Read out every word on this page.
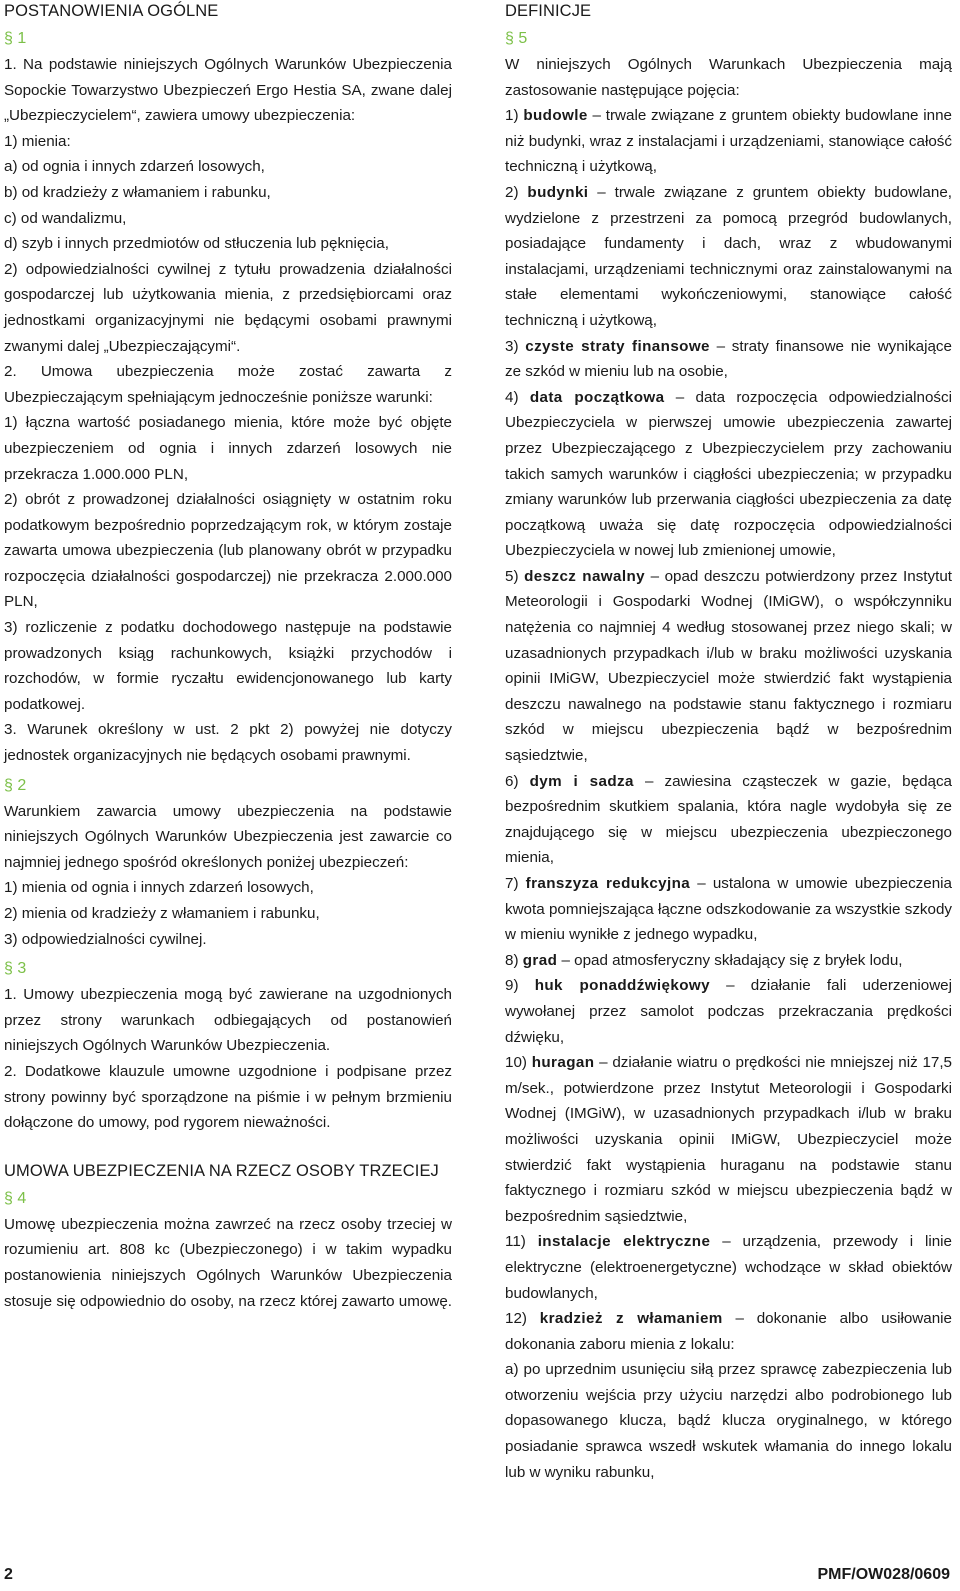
POSTANOWIENIA OGÓLNE
§ 1

1. Na podstawie niniejszych Ogólnych Warunków Ubezpieczenia Sopockie Towarzystwo Ubezpieczeń Ergo Hestia SA, zwane dalej „Ubezpieczycielem“, zawiera umowy ubezpieczenia:

1) mienia:

a) od ognia i innych zdarzeń losowych,

b) od kradzieży z włamaniem i rabunku,

c) od wandalizmu,

d) szyb i innych przedmiotów od stłuczenia lub pęknięcia,

2) odpowiedzialności cywilnej z tytułu prowadzenia działalności gospodarczej lub użytkowania mienia, z przedsiębiorcami oraz jednostkami organizacyjnymi nie będącymi osobami prawnymi zwanymi dalej „Ubezpieczającymi“.

2. Umowa ubezpieczenia może zostać zawarta z Ubezpieczającym spełniającym jednocześnie poniższe warunki:

1) łączna wartość posiadanego mienia, które może być objęte ubezpieczeniem od ognia i innych zdarzeń losowych nie przekracza 1.000.000 PLN,

2) obrót z prowadzonej działalności osiągnięty w ostatnim roku podatkowym bezpośrednio poprzedzającym rok, w którym zostaje zawarta umowa ubezpieczenia (lub planowany obrót w przypadku rozpoczęcia działalności gospodarczej) nie przekracza 2.000.000 PLN,

3) rozliczenie z podatku dochodowego następuje na podstawie prowadzonych ksiąg rachunkowych, książki przychodów i rozchodów, w formie ryczałtu ewidencjonowanego lub karty podatkowej.

3. Warunek określony w ust. 2 pkt 2) powyżej nie dotyczy jednostek organizacyjnych nie będących osobami prawnymi.

§ 2

Warunkiem zawarcia umowy ubezpieczenia na podstawie niniejszych Ogólnych Warunków Ubezpieczenia jest zawarcie co najmniej jednego spośród określonych poniżej ubezpieczeń:

1) mienia od ognia i innych zdarzeń losowych,

2) mienia od kradzieży z włamaniem i rabunku,

3) odpowiedzialności cywilnej.

§ 3

1. Umowy ubezpieczenia mogą być zawierane na uzgodnionych przez strony warunkach odbiegających od postanowień niniejszych Ogólnych Warunków Ubezpieczenia.

2. Dodatkowe klauzule umowne uzgodnione i podpisane przez strony powinny być sporządzone na piśmie i w pełnym brzmieniu dołączone do umowy, pod rygorem nieważności.

UMOWA UBEZPIECZENIA NA RZECZ OSOBY TRZECIEJ
§ 4

Umowę ubezpieczenia można zawrzeć na rzecz osoby trzeciej w rozumieniu art. 808 kc (Ubezpieczonego) i w takim wypadku postanowienia niniejszych Ogólnych Warunków Ubezpieczenia stosuje się odpowiednio do osoby, na rzecz której zawarto umowę.

DEFINICJE
§ 5

W niniejszych Ogólnych Warunkach Ubezpieczenia mają zastosowanie następujące pojęcia:

1) budowle – trwale związane z gruntem obiekty budowlane inne niż budynki, wraz z instalacjami i urządzeniami, stanowiące całość techniczną i użytkową,

2) budynki – trwale związane z gruntem obiekty budowlane, wydzielone z przestrzeni za pomocą przegród budowlanych, posiadające fundamenty i dach, wraz z wbudowanymi instalacjami, urządzeniami technicznymi oraz zainstalowanymi na stałe elementami wykończeniowymi, stanowiące całość techniczną i użytkową,

3) czyste straty finansowe – straty finansowe nie wynikające ze szkód w mieniu lub na osobie,

4) data początkowa – data rozpoczęcia odpowiedzialności Ubezpieczyciela w pierwszej umowie ubezpieczenia zawartej przez Ubezpieczającego z Ubezpieczycielem przy zachowaniu takich samych warunków i ciągłości ubezpieczenia; w przypadku zmiany warunków lub przerwania ciągłości ubezpieczenia za datę początkową uważa się datę rozpoczęcia odpowiedzialności Ubezpieczyciela w nowej lub zmienionej umowie,

5) deszcz nawalny – opad deszczu potwierdzony przez Instytut Meteorologii i Gospodarki Wodnej (IMiGW), o współczynniku natężenia co najmniej 4 według stosowanej przez niego skali; w uzasadnionych przypadkach i/lub w braku możliwości uzyskania opinii IMiGW, Ubezpieczyciel może stwierdzić fakt wystąpienia deszczu nawalnego na podstawie stanu faktycznego i rozmiaru szkód w miejscu ubezpieczenia bądź w bezpośrednim sąsiedztwie,

6) dym i sadza – zawiesina cząsteczek w gazie, będąca bezpośrednim skutkiem spalania, która nagle wydobyła się ze znajdującego się w miejscu ubezpieczenia ubezpieczonego mienia,

7) franszyza redukcyjna – ustalona w umowie ubezpieczenia kwota pomniejszająca łączne odszkodowanie za wszystkie szkody w mieniu wynikłe z jednego wypadku,

8) grad – opad atmosferyczny składający się z bryłek lodu,

9) huk ponaddźwiękowy – działanie fali uderzeniowej wywołanej przez samolot podczas przekraczania prędkości dźwięku,

10) huragan – działanie wiatru o prędkości nie mniejszej niż 17,5 m/sek., potwierdzone przez Instytut Meteorologii i Gospodarki Wodnej (IMGiW), w uzasadnionych przypadkach i/lub w braku możliwości uzyskania opinii IMiGW, Ubezpieczyciel może stwierdzić fakt wystąpienia huraganu na podstawie stanu faktycznego i rozmiaru szkód w miejscu ubezpieczenia bądź w bezpośrednim sąsiedztwie,

11) instalacje elektryczne – urządzenia, przewody i linie elektryczne (elektroenergetyczne) wchodzące w skład obiektów budowlanych,

12) kradzież z włamaniem – dokonanie albo usiłowanie dokonania zaboru mienia z lokalu:

a) po uprzednim usunięciu siłą przez sprawcę zabezpieczenia lub otworzeniu wejścia przy użyciu narzędzi albo podrobionego lub dopasowanego klucza, bądź klucza oryginalnego, w którego posiadanie sprawca wszedł wskutek włamania do innego lokalu lub w wyniku rabunku,

2	PMF/OW028/0609
